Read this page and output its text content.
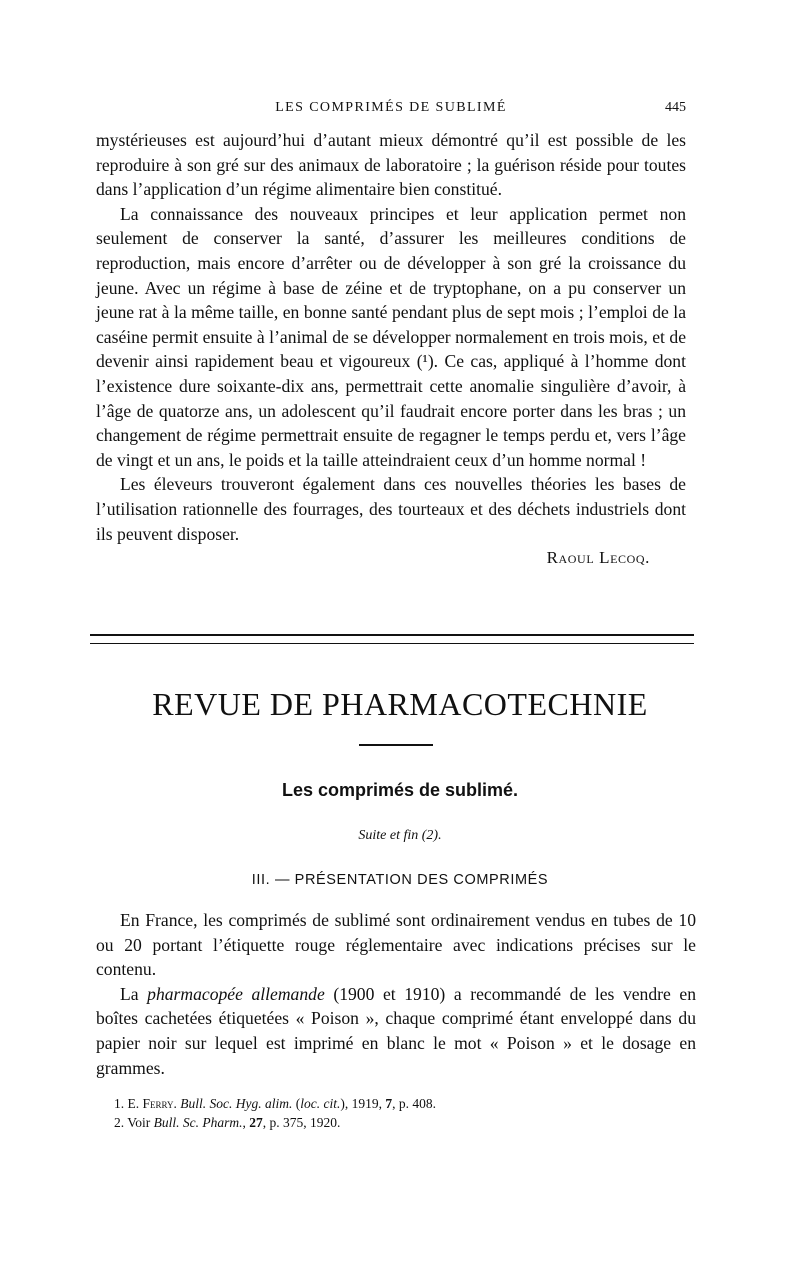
LES COMPRIMÉS DE SUBLIMÉ	445

mystérieuses est aujourd’hui d’autant mieux démontré qu’il est possible de les reproduire à son gré sur des animaux de laboratoire ; la guérison réside pour toutes dans l’application d’un régime alimentaire bien constitué.

La connaissance des nouveaux principes et leur application permet non seulement de conserver la santé, d’assurer les meilleures conditions de reproduction, mais encore d’arrêter ou de développer à son gré la croissance du jeune. Avec un régime à base de zéine et de tryptophane, on a pu conserver un jeune rat à la même taille, en bonne santé pendant plus de sept mois ; l’emploi de la caséine permit ensuite à l’animal de se développer normalement en trois mois, et de devenir ainsi rapidement beau et vigoureux (¹). Ce cas, appliqué à l’homme dont l’existence dure soixante-dix ans, permettrait cette anomalie singulière d’avoir, à l’âge de quatorze ans, un adolescent qu’il faudrait encore porter dans les bras ; un changement de régime permettrait ensuite de regagner le temps perdu et, vers l’âge de vingt et un ans, le poids et la taille atteindraient ceux d’un homme normal !

Les éleveurs trouveront également dans ces nouvelles théories les bases de l’utilisation rationnelle des fourrages, des tourteaux et des déchets industriels dont ils peuvent disposer.

Raoul Lecoq.

REVUE DE PHARMACOTECHNIE
Les comprimés de sublimé.
Suite et fin (2).
III. — PRÉSENTATION DES COMPRIMÉS

En France, les comprimés de sublimé sont ordinairement vendus en tubes de 10 ou 20 portant l’étiquette rouge réglementaire avec indications précises sur le contenu.

La pharmacopée allemande (1900 et 1910) a recommandé de les vendre en boîtes cachetées étiquetées « Poison », chaque comprimé étant enveloppé dans du papier noir sur lequel est imprimé en blanc le mot « Poison » et le dosage en grammes.

1. E. Ferry. Bull. Soc. Hyg. alim. (loc. cit.), 1919, 7, p. 408.

2. Voir Bull. Sc. Pharm., 27, p. 375, 1920.
